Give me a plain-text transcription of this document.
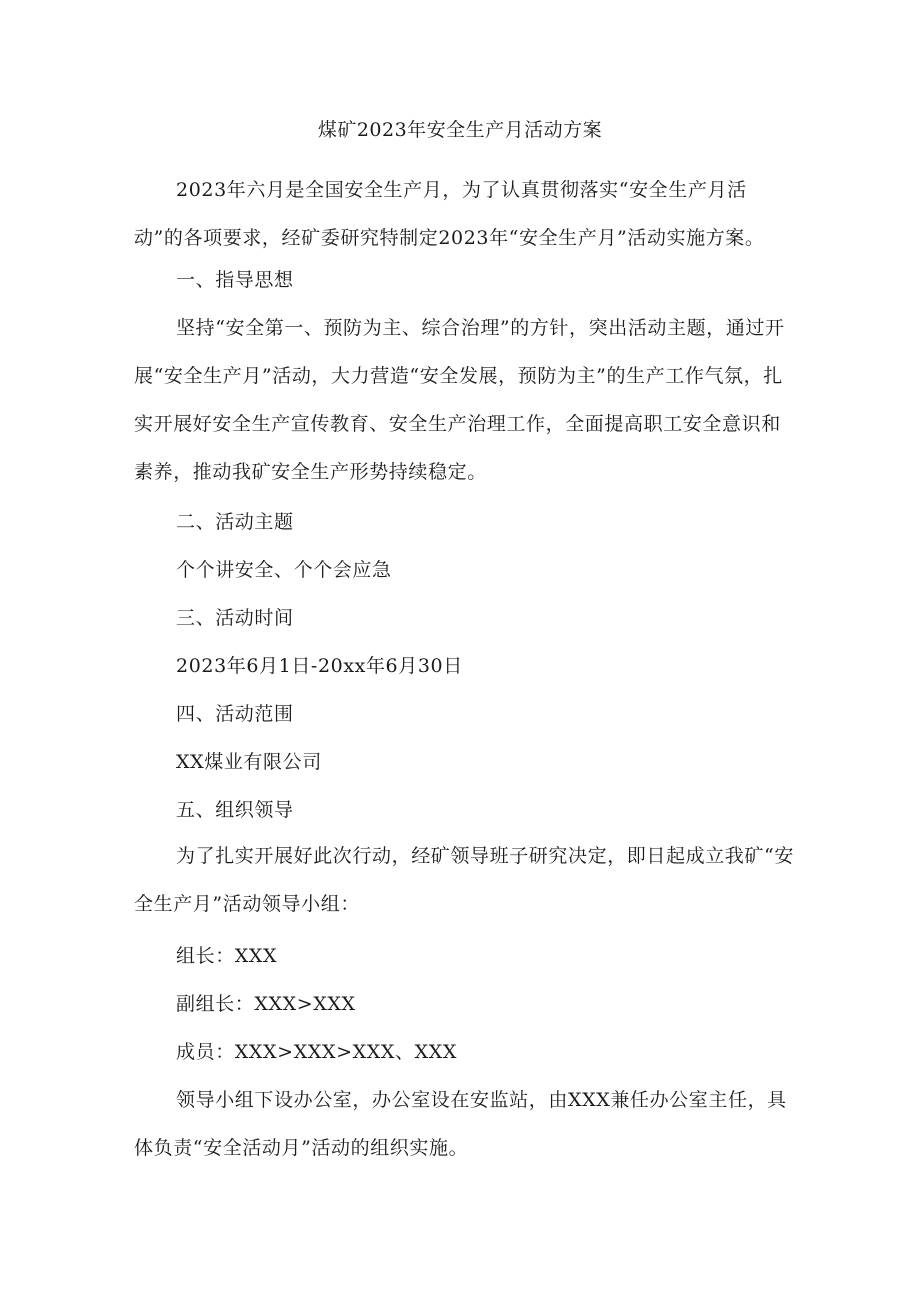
煤矿2023年安全生产月活动方案

2023年六月是全国安全生产月，为了认真贯彻落实“安全生产月活动”的各项要求，经矿委研究特制定2023年“安全生产月”活动实施方案。

一、指导思想

坚持“安全第一、预防为主、综合治理”的方针，突出活动主题，通过开展“安全生产月”活动，大力营造“安全发展，预防为主”的生产工作气氛，扎实开展好安全生产宣传教育、安全生产治理工作，全面提高职工安全意识和素养，推动我矿安全生产形势持续稳定。

二、活动主题
个个讲安全、个个会应急
三、活动时间
2023年6月1日-20xx年6月30日
四、活动范围
XX煤业有限公司
五、组织领导

为了扎实开展好此次行动，经矿领导班子研究决定，即日起成立我矿“安全生产月”活动领导小组：

组长：XXX
副组长：XXX>XXX
成员：XXX>XXX>XXX、XXX

领导小组下设办公室，办公室设在安监站，由XXX兼任办公室主任，具体负责“安全活动月”活动的组织实施。
